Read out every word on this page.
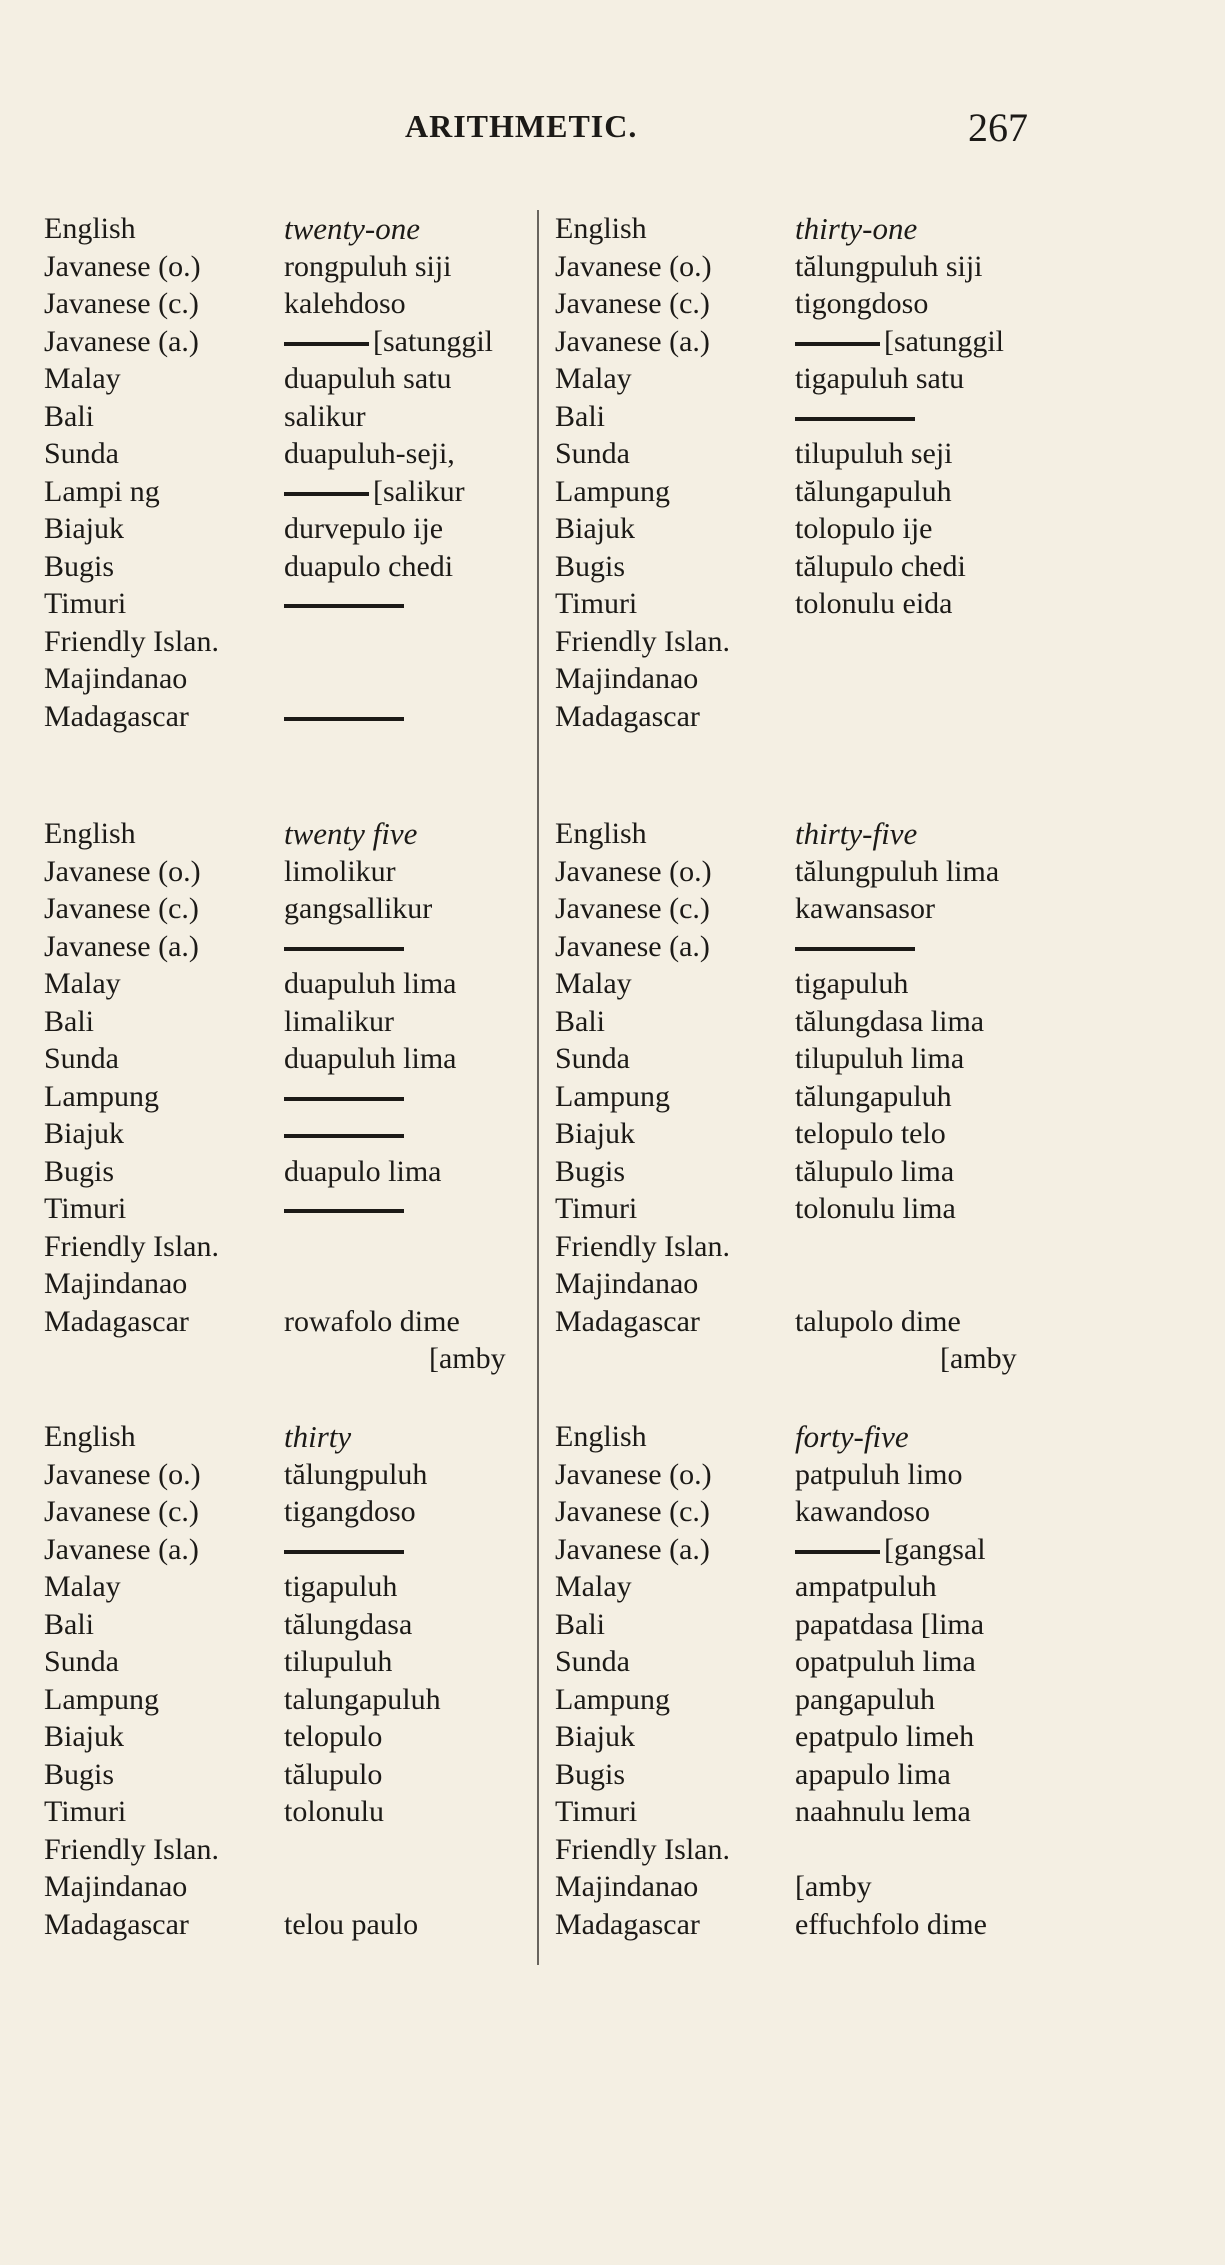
ARITHMETIC.	267
English	twenty-one
Javanese (o.)	rongpuluh siji
Javanese (c.)	kalehdoso
Javanese (a.)	[satunggil
Malay	duapuluh satu
Bali	salikur
Sunda	duapuluh-seji,
Lampi ng	[salikur
Biajuk	durvepulo ije
Bugis	duapulo chedi
Timuri
Friendly Islan.
Majindanao
Madagascar
English	twenty five
Javanese (o.)	limolikur
Javanese (c.)	gangsallikur
Javanese (a.)
Malay	duapuluh lima
Bali	limalikur
Sunda	duapuluh lima
Lampung
Biajuk
Bugis	duapulo lima
Timuri
Friendly Islan.
Majindanao
Madagascar	rowafolo dime
[amby
English	thirty
Javanese (o.)	tălungpuluh
Javanese (c.)	tigangdoso
Javanese (a.)
Malay	tigapuluh
Bali	tălungdasa
Sunda	tilupuluh
Lampung	talungapuluh
Biajuk	telopulo
Bugis	tălupulo
Timuri	tolonulu
Friendly Islan.
Majindanao
Madagascar	telou paulo
English	thirty-one
Javanese (o.)	tălungpuluh siji
Javanese (c.)	tigongdoso
Javanese (a.)	[satunggil
Malay	tigapuluh satu
Bali
Sunda	tilupuluh seji
Lampung	tălungapuluh
Biajuk	tolopulo ije
Bugis	tălupulo chedi
Timuri	tolonulu eida
Friendly Islan.
Majindanao
Madagascar
English	thirty-five
Javanese (o.)	tălungpuluh lima
Javanese (c.)	kawansasor
Javanese (a.)
Malay	tigapuluh
Bali	tălungdasa lima
Sunda	tilupuluh lima
Lampung	tălungapuluh
Biajuk	telopulo telo
Bugis	tălupulo lima
Timuri	tolonulu lima
Friendly Islan.
Majindanao
Madagascar	talupolo dime
[amby
English	forty-five
Javanese (o.)	patpuluh limo
Javanese (c.)	kawandoso
Javanese (a.)	[gangsal
Malay	ampatpuluh
Bali	papatdasa [lima
Sunda	opatpuluh lima
Lampung	pangapuluh
Biajuk	epatpulo limeh
Bugis	apapulo lima
Timuri	naahnulu lema
Friendly Islan.
Majindanao	[amby
Madagascar	effuchfolo dime
